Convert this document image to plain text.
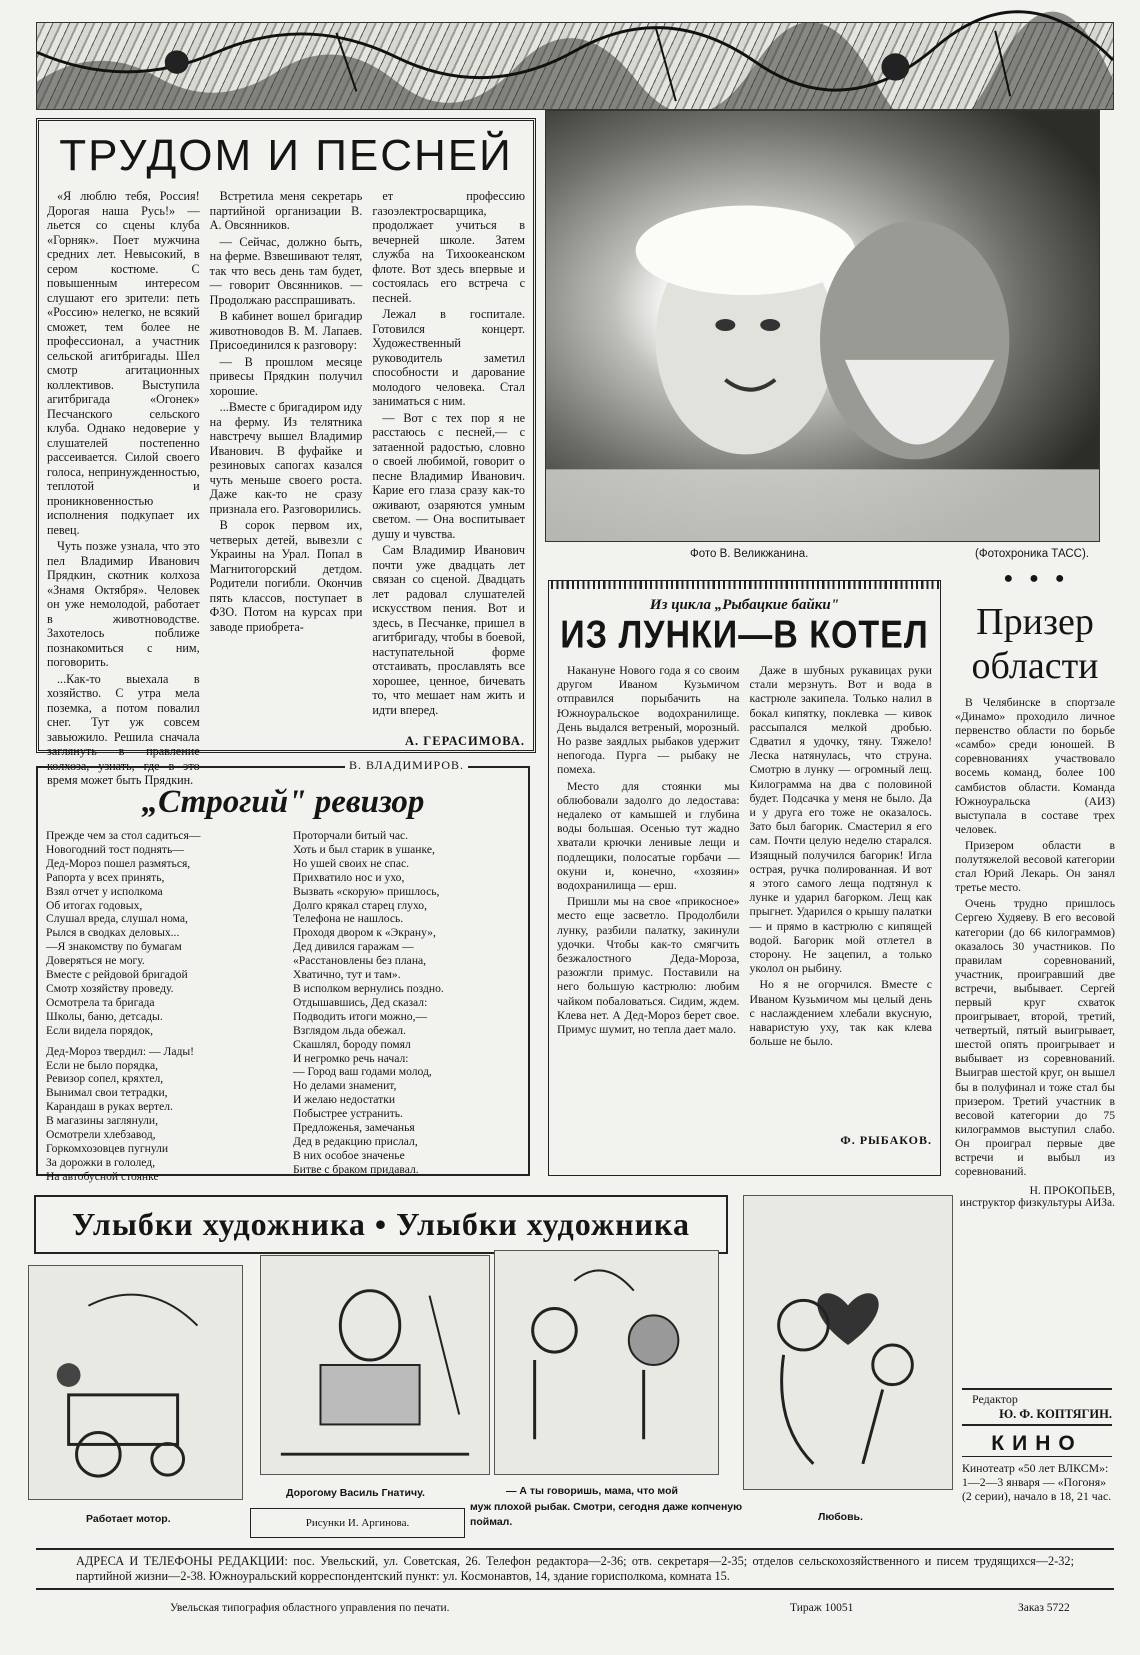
ТРУДОМ И ПЕСНЕЙ

«Я люблю тебя, Россия! Дорогая наша Русь!» —льется со сцены клуба «Горняк». Поет мужчина средних лет. Невысокий, в сером костюме. С повышенным интересом слушают его зрители: петь «Россию» нелегко, не всякий сможет, тем более не профессионал, а участник сельской агитбригады. Шел смотр агитационных коллективов. Выступила агитбригада «Огонек» Песчанского сельского клуба. Однако недоверие у слушателей постепенно рассеивается. Силой своего голоса, непринужденностью, теплотой и проникновенностью исполнения подкупает их певец.

Чуть позже узнала, что это пел Владимир Иванович Прядкин, скотник колхоза «Знамя Октября». Человек он уже немолодой, работает в животноводстве. Захотелось поближе познакомиться с ним, поговорить.

...Как-то выехала в хозяйство. С утра мела поземка, а потом повалил снег. Тут уж совсем завьюжило. Решила сначала заглянуть в правление колхоза, узнать, где в это время может быть Прядкин.

Встретила меня секретарь партийной организации В. А. Овсянников.

— Сейчас, должно быть, на ферме. Взвешивают телят, так что весь день там будет,— говорит Овсянников. — Продолжаю расспрашивать.

В кабинет вошел бригадир животноводов В. М. Лапаев. Присоединился к разговору:

— В прошлом месяце привесы Прядкин получил хорошие.

...Вместе с бригадиром иду на ферму. Из телятника навстречу вышел Владимир Иванович. В фуфайке и резиновых сапогах казался чуть меньше своего роста. Даже как-то не сразу признала его. Разговорились.

В сорок первом их, четверых детей, вывезли с Украины на Урал. Попал в Магнитогорский детдом. Родители погибли. Окончив пять классов, поступает в ФЗО. Потом на курсах при заводе приобрета-

ет профессию газоэлектросварщика, продолжает учиться в вечерней школе. Затем служба на Тихоокеанском флоте. Вот здесь впервые и состоялась его встреча с песней.

Лежал в госпитале. Готовился концерт. Художественный руководитель заметил способности и дарование молодого человека. Стал заниматься с ним.

— Вот с тех пор я не расстаюсь с песней,— с затаенной радостью, словно о своей любимой, говорит о песне Владимир Иванович. Карие его глаза сразу как-то оживают, озаряются умным светом. — Она воспитывает душу и чувства.

Сам Владимир Иванович почти уже двадцать лет связан со сценой. Двадцать лет радовал слушателей искусством пения. Вот и здесь, в Песчанке, пришел в агитбригаду, чтобы в боевой, наступательной форме отстаивать, прославлять все хорошее, ценное, бичевать то, что мешает нам жить и идти вперед.

А. ГЕРАСИМОВА.
Фото В. Великжанина.	(Фотохроника ТАСС).
В. ВЛАДИМИРОВ.
„Строгий" ревизор
Прежде чем за стол садиться—
Новогодний тост поднять—
Дед-Мороз пошел размяться,
Рапорта у всех принять,
Взял отчет у исполкома
Об итогах годовых,
Слушал вреда, слушал нома,
Рылся в сводках деловых...
—Я знакомству по бумагам
Доверяться не могу.
Вместе с рейдовой бригадой
Смотр хозяйству проведу.
Осмотрела та бригада
Школы, баню, детсады.
Если видела порядок,
Дед-Мороз твердил: — Лады!
Если не было порядка,
Ревизор сопел, кряхтел,
Вынимал свои тетрадки,
Карандаш в руках вертел.
В магазины заглянули,
Осмотрели хлебзавод,
Горкомхозовцев пугнули
За дорожки в гололед,
На автобусной стоянке
Проторчали битый час.
Хоть и был старик в ушанке,
Но ушей своих не спас.
Прихватило нос и ухо,
Вызвать «скорую» пришлось,
Долго крякал старец глухо,
Телефона не нашлось.
Проходя двором к «Экрану»,
Дед дивился гаражам —
«Расстановлены без плана,
Хватично, тут и там».
В исполком вернулись поздно.
Отдышавшись, Дед сказал:
Подводить итоги можно,—
Взглядом льда обежал.
Скашлял, бороду помял
И негромко речь начал:
— Город ваш годами молод,
Но делами знаменит,
И желаю недостатки
Побыстрее устранить.
Предложенья, замечанья
Дед в редакцию прислал,
В них особое значенье
Битве с браком придавал.
Из цикла „Рыбацкие байки"
ИЗ ЛУНКИ—В КОТЕЛ

Накануне Нового года я со своим другом Иваном Кузьмичом отправился порыбачить на Южноуральское водохранилище. День выдался ветреный, морозный. Но разве заядлых рыбаков удержит непогода. Пурга — рыбаку не помеха.

Место для стоянки мы облюбовали задолго до ледостава: недалеко от камышей и глубина воды большая. Осенью тут жадно хватали крючки ленивые лещи и подлещики, полосатые горбачи — окуни и, конечно, «хозяин» водохранилища — ерш.

Пришли мы на свое «прикосное» место еще засветло. Продолбили лунку, разбили палатку, закинули удочки. Чтобы как-то смягчить безжалостного Деда-Мороза, разожгли примус. Поставили на него большую кастрюлю: любим чайком побаловаться. Сидим, ждем. Клева нет. А Дед-Мороз берет свое. Примус шумит, но тепла дает мало.

Даже в шубных рукавицах руки стали мерзнуть. Вот и вода в кастрюле закипела. Только налил в бокал кипятку, поклевка — кивок рассыпался мелкой дробью. Сдватил я удочку, тяну. Тяжело! Леска натянулась, что струна. Смотрю в лунку — огромный лещ. Килограмма на два с половиной будет. Подсачка у меня не было. Да и у друга его тоже не оказалось. Зато был багорик. Смастерил я его сам. Почти целую неделю старался. Изящный получился багорик! Игла острая, ручка полированная. И вот я этого самого леща подтянул к лунке и ударил багорком. Лещ как прыгнет. Ударился о крышу палатки — и прямо в кастрюлю с кипящей водой. Багорик мой отлетел в сторону. Не зацепил, а только уколол он рыбину.

Но я не огорчился. Вместе с Иваном Кузьмичом мы целый день с наслаждением хлебали вкусную, наваристую уху, так как клева больше не было.

Ф. РЫБАКОВ.
● ● ●
Призер
области

В Челябинске в спортзале «Динамо» проходило личное первенство области по борьбе «самбо» среди юношей. В соревнованиях участвовало восемь команд, более 100 самбистов области. Команда Южноуральска (АИЗ) выступала в составе трех человек.

Призером области в полутяжелой весовой категории стал Юрий Лекарь. Он занял третье место.

Очень трудно пришлось Сергею Худяеву. В его весовой категории (до 66 килограммов) оказалось 30 участников. По правилам соревнований, участник, проигравший две встречи, выбывает. Сергей первый круг схваток проигрывает, второй, третий, четвертый, пятый выигрывает, шестой опять проигрывает и выбывает из соревнований. Выиграв шестой круг, он вышел бы в полуфинал и тоже стал бы призером. Третий участник в весовой категории до 75 килограммов выступил слабо. Он проиграл первые две встречи и выбыл из соревнований.

Н. ПРОКОПЬЕВ,
инструктор физкультуры АИЗа.
Редактор
Ю. Ф. КОПТЯГИН.
КИНО
Кинотеатр «50 лет ВЛКСМ»: 1—2—3 января — «Погоня» (2 серии), начало в 18, 21 час.
Улыбки художника • Улыбки художника
Работает мотор.
Дорогому Василь Гнатичу.
Рисунки И. Аргинова.
— А ты говоришь, мама, что мой
муж плохой рыбак. Смотри, сегодня даже копченую поймал.	Любовь.
АДРЕСА И ТЕЛЕФОНЫ РЕДАКЦИИ: пос. Увельский, ул. Советская, 26. Телефон редактора—2-36; отв. секретаря—2-35; отделов сельскохозяйственного и писем трудящихся—2-32; партийной жизни—2-38. Южноуральский корреспондентский пункт: ул. Космонавтов, 14, здание горисполкома, комната 15.
Увельская типография областного управления по печати.	Тираж 10051	Заказ 5722
